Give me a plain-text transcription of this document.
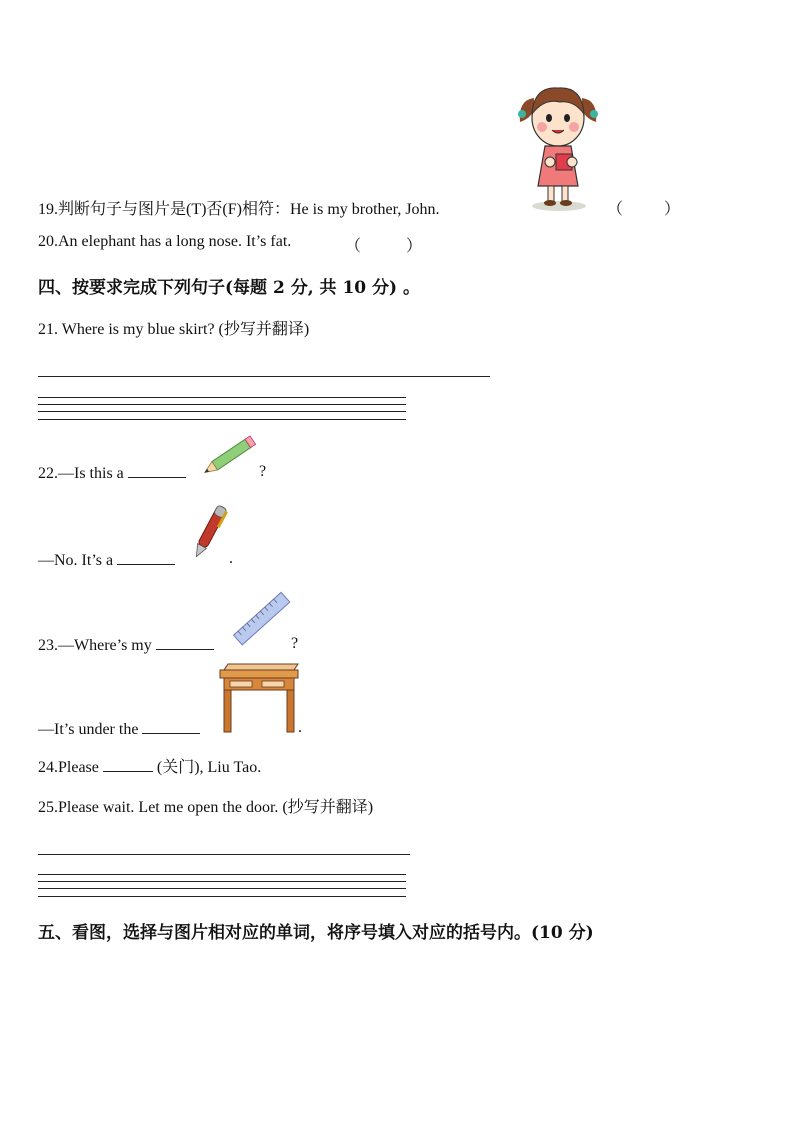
19.判断句子与图片是(T)否(F)相符：He is my brother, John.	（	）
20.An elephant has a long nose. It’s fat.	（	）
四、按要求完成下列句子(每题 2 分, 共 10 分) 。
21. Where is my blue skirt? (抄写并翻译)
22.—Is this a	?
—No. It’s a	.
23.—Where’s my	?
—It’s under the	.
24.Please	(关门), Liu Tao.
25.Please wait. Let me open the door. (抄写并翻译)
五、看图，选择与图片相对应的单词，将序号填入对应的括号内。(10 分)
